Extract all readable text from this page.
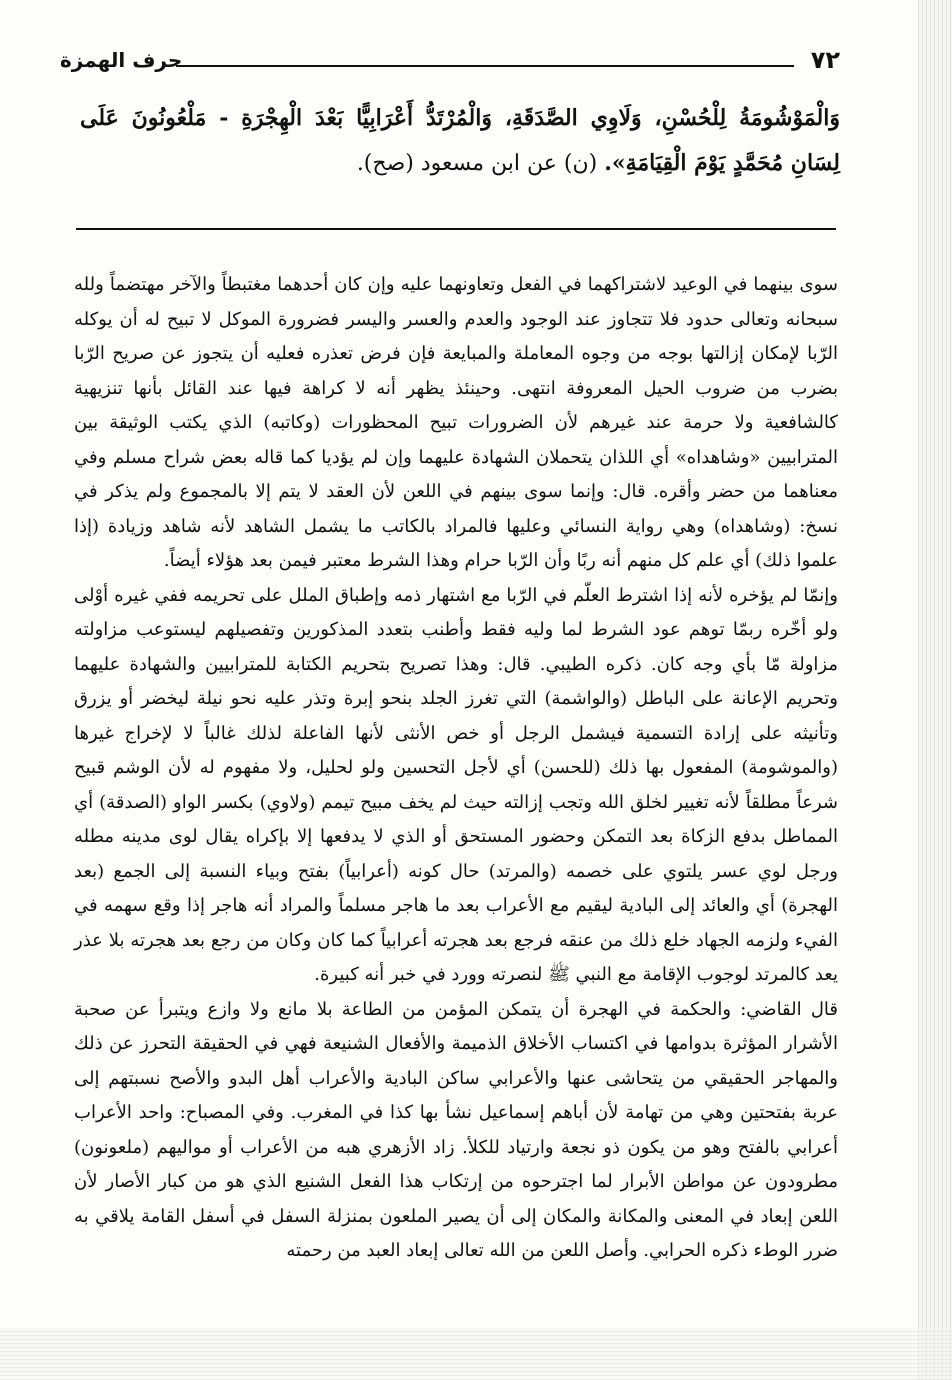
٧٢
حرف الهمزة
وَالْمَوْشُومَةُ لِلْحُسْنِ، وَلَاوِي الصَّدَقَةِ، وَالْمُرْتَدُّ أَعْرَابِيًّا بَعْدَ الْهِجْرَةِ - مَلْعُونُونَ عَلَى لِسَانِ مُحَمَّدٍ يَوْمَ الْقِيَامَةِ». (ن) عن ابن مسعود (صح).

سوى بينهما في الوعيد لاشتراكهما في الفعل وتعاونهما عليه وإن كان أحدهما مغتبطاً والآخر مهتضماً ولله سبحانه وتعالى حدود فلا تتجاوز عند الوجود والعدم والعسر واليسر فضرورة الموكل لا تبيح له أن يوكله الرّبا لإمكان إزالتها بوجه من وجوه المعاملة والمبايعة فإن فرض تعذره فعليه أن يتجوز عن صريح الرّبا بضرب من ضروب الحيل المعروفة انتهى. وحينئذ يظهر أنه لا كراهة فيها عند القائل بأنها تنزيهية كالشافعية ولا حرمة عند غيرهم لأن الضرورات تبيح المحظورات (وكاتبه) الذي يكتب الوثيقة بين المترابيين «وشاهداه» أي اللذان يتحملان الشهادة عليهما وإن لم يؤديا كما قاله بعض شراح مسلم وفي معناهما من حضر وأقره. قال: وإنما سوى بينهم في اللعن لأن العقد لا يتم إلا بالمجموع ولم يذكر في نسخ: (وشاهداه) وهي رواية النسائي وعليها فالمراد بالكاتب ما يشمل الشاهد لأنه شاهد وزيادة (إذا علموا ذلك) أي علم كل منهم أنه ربًا وأن الرّبا حرام وهذا الشرط معتبر فيمن بعد هؤلاء أيضاً.

وإنمّا لم يؤخره لأنه إذا اشترط العلّم في الرّبا مع اشتهار ذمه وإطباق الملل على تحريمه ففي غيره أوْلى ولو أخّره ربمّا توهم عود الشرط لما وليه فقط وأطنب بتعدد المذكورين وتفصيلهم ليستوعب مزاولته مزاولة مّا بأي وجه كان. ذكره الطيبي. قال: وهذا تصريح بتحريم الكتابة للمترابيين والشهادة عليهما وتحريم الإعانة على الباطل (والواشمة) التي تغرز الجلد بنحو إبرة وتذر عليه نحو نيلة ليخضر أو يزرق وتأنيثه على إرادة التسمية فيشمل الرجل أو خص الأنثى لأنها الفاعلة لذلك غالباً لا لإخراج غيرها (والموشومة) المفعول بها ذلك (للحسن) أي لأجل التحسين ولو لحليل، ولا مفهوم له لأن الوشم قبيح شرعاً مطلقاً لأنه تغيير لخلق الله وتجب إزالته حيث لم يخف مبيح تيمم (ولاوي) بكسر الواو (الصدقة) أي المماطل بدفع الزكاة بعد التمكن وحضور المستحق أو الذي لا يدفعها إلا بإكراه يقال لوى مدينه مطله ورجل لوي عسر يلتوي على خصمه (والمرتد) حال كونه (أعرابياً) بفتح وبياء النسبة إلى الجمع (بعد الهجرة) أي والعائد إلى البادية ليقيم مع الأعراب بعد ما هاجر مسلماً والمراد أنه هاجر إذا وقع سهمه في الفيء ولزمه الجهاد خلع ذلك من عنقه فرجع بعد هجرته أعرابياً كما كان وكان من رجع بعد هجرته بلا عذر يعد كالمرتد لوجوب الإقامة مع النبي ﷺ لنصرته وورد في خبر أنه كبيرة.

قال القاضي: والحكمة في الهجرة أن يتمكن المؤمن من الطاعة بلا مانع ولا وازع ويتبرأ عن صحبة الأشرار المؤثرة بدوامها في اكتساب الأخلاق الذميمة والأفعال الشنيعة فهي في الحقيقة التحرز عن ذلك والمهاجر الحقيقي من يتحاشى عنها والأعرابي ساكن البادية والأعراب أهل البدو والأصح نسبتهم إلى عربة بفتحتين وهي من تهامة لأن أباهم إسماعيل نشأ بها كذا في المغرب. وفي المصباح: واحد الأعراب أعرابي بالفتح وهو من يكون ذو نجعة وارتياد للكلأ. زاد الأزهري هبه من الأعراب أو مواليهم (ملعونون) مطرودون عن مواطن الأبرار لما اجترحوه من إرتكاب هذا الفعل الشنيع الذي هو من كبار الأصار لأن اللعن إبعاد في المعنى والمكانة والمكان إلى أن يصير الملعون بمنزلة السفل في أسفل القامة يلاقي به ضرر الوطء ذكره الحرابي. وأصل اللعن من الله تعالى إبعاد العبد من رحمته
